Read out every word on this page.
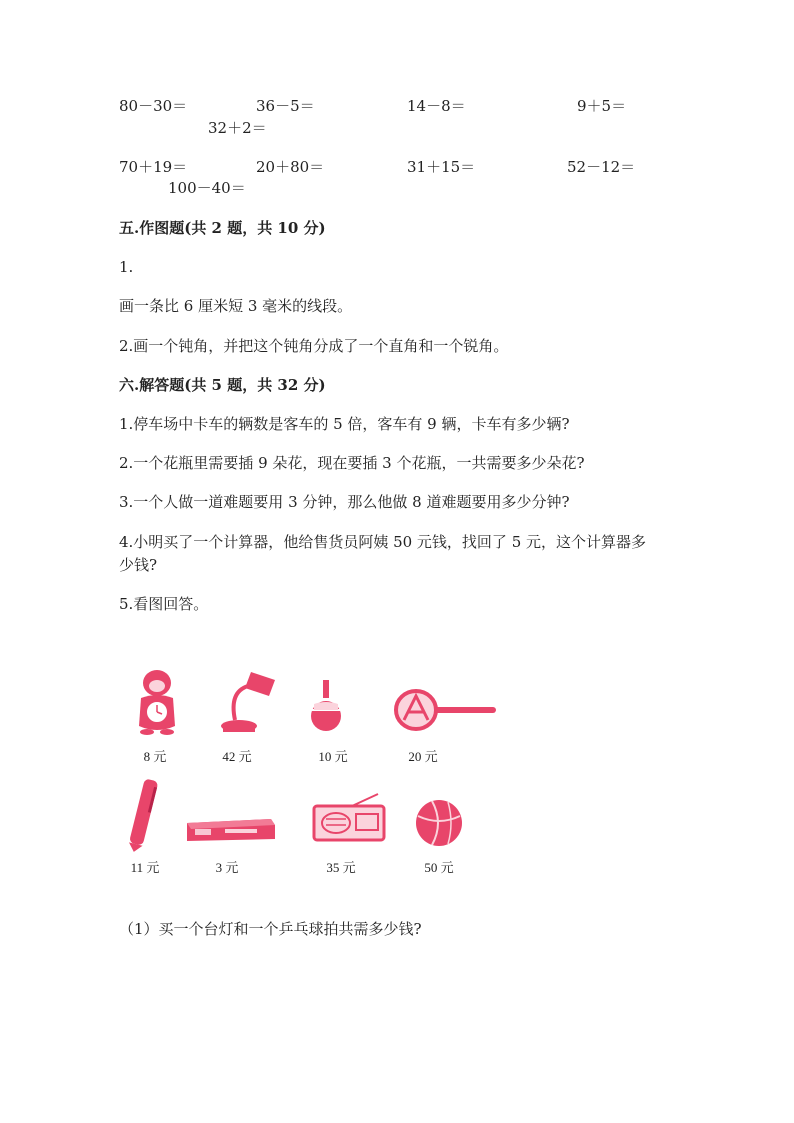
80－30＝	36－5＝	14－8＝	9＋5＝
32＋2＝
70＋19＝	20＋80＝	31＋15＝	52－12＝
100－40＝
五.作图题(共 2 题，共 10 分)
1.
画一条比 6 厘米短 3 毫米的线段。
2.画一个钝角，并把这个钝角分成了一个直角和一个锐角。
六.解答题(共 5 题，共 32 分)
1.停车场中卡车的辆数是客车的 5 倍，客车有 9 辆，卡车有多少辆?
2.一个花瓶里需要插 9 朵花，现在要插 3 个花瓶，一共需要多少朵花?
3.一个人做一道难题要用 3 分钟，那么他做 8 道难题要用多少分钟?
4.小明买了一个计算器，他给售货员阿姨 50 元钱，找回了 5 元，这个计算器多
少钱?
5.看图回答。
8 元	42 元	10 元	20 元
11 元	3 元	35 元	50 元
（1）买一个台灯和一个乒乓球拍共需多少钱?
